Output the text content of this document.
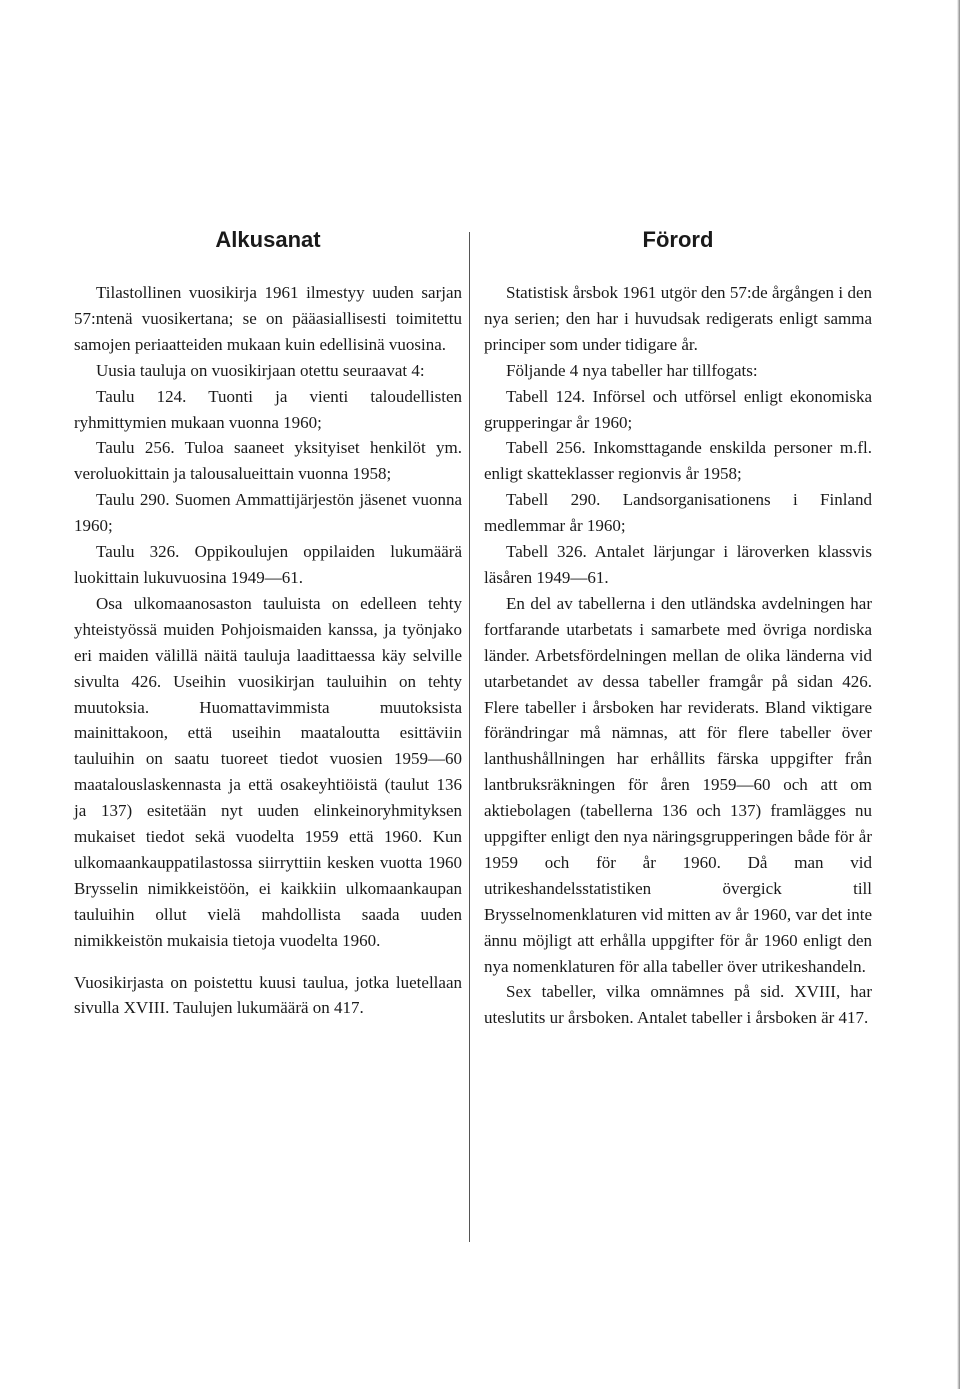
Alkusanat

Tilastollinen vuosikirja 1961 ilmestyy uuden sarjan 57:ntenä vuosikertana; se on pääasiallisesti toimitettu samojen periaatteiden mukaan kuin edellisinä vuosina.

Uusia tauluja on vuosikirjaan otettu seuraavat 4:

Taulu 124. Tuonti ja vienti taloudellisten ryhmittymien mukaan vuonna 1960;

Taulu 256. Tuloa saaneet yksityiset henkilöt ym. veroluokittain ja talousalueittain vuonna 1958;

Taulu 290. Suomen Ammattijärjestön jäsenet vuonna 1960;

Taulu 326. Oppikoulujen oppilaiden lukumäärä luokittain lukuvuosina 1949—61.

Osa ulkomaanosaston tauluista on edelleen tehty yhteistyössä muiden Pohjoismaiden kanssa, ja työnjako eri maiden välillä näitä tauluja laadittaessa käy selville sivulta 426. Useihin vuosikirjan tauluihin on tehty muutoksia. Huomattavimmista muutoksista mainittakoon, että useihin maataloutta esittäviin tauluihin on saatu tuoreet tiedot vuosien 1959—60 maatalouslaskennasta ja että osakeyhtiöistä (taulut 136 ja 137) esitetään nyt uuden elinkeinoryhmityksen mukaiset tiedot sekä vuodelta 1959 että 1960. Kun ulkomaankauppatilastossa siirryttiin kesken vuotta 1960 Brysselin nimikkeistöön, ei kaikkiin ulkomaankaupan tauluihin ollut vielä mahdollista saada uuden nimikkeistön mukaisia tietoja vuodelta 1960.

Vuosikirjasta on poistettu kuusi taulua, jotka luetellaan sivulla XVIII. Taulujen lukumäärä on 417.

Förord

Statistisk årsbok 1961 utgör den 57:de årgången i den nya serien; den har i huvudsak redigerats enligt samma principer som under tidigare år.

Följande 4 nya tabeller har tillfogats:

Tabell 124. Införsel och utförsel enligt ekonomiska grupperingar år 1960;

Tabell 256. Inkomsttagande enskilda personer m.fl. enligt skatteklasser regionvis år 1958;

Tabell 290. Landsorganisationens i Finland medlemmar år 1960;

Tabell 326. Antalet lärjungar i läroverken klassvis läsåren 1949—61.

En del av tabellerna i den utländska avdelningen har fortfarande utarbetats i samarbete med övriga nordiska länder. Arbetsfördelningen mellan de olika länderna vid utarbetandet av dessa tabeller framgår på sidan 426. Flere tabeller i årsboken har reviderats. Bland viktigare förändringar må nämnas, att för flere tabeller över lanthushållningen har erhållits färska uppgifter från lantbruksräkningen för åren 1959—60 och att om aktiebolagen (tabellerna 136 och 137) framlägges nu uppgifter enligt den nya näringsgrupperingen både för år 1959 och för år 1960. Då man vid utrikeshandelsstatistiken övergick till Brysselnomenklaturen vid mitten av år 1960, var det inte ännu möjligt att erhålla uppgifter för år 1960 enligt den nya nomenklaturen för alla tabeller över utrikeshandeln.

Sex tabeller, vilka omnämnes på sid. XVIII, har uteslutits ur årsboken. Antalet tabeller i årsboken är 417.
